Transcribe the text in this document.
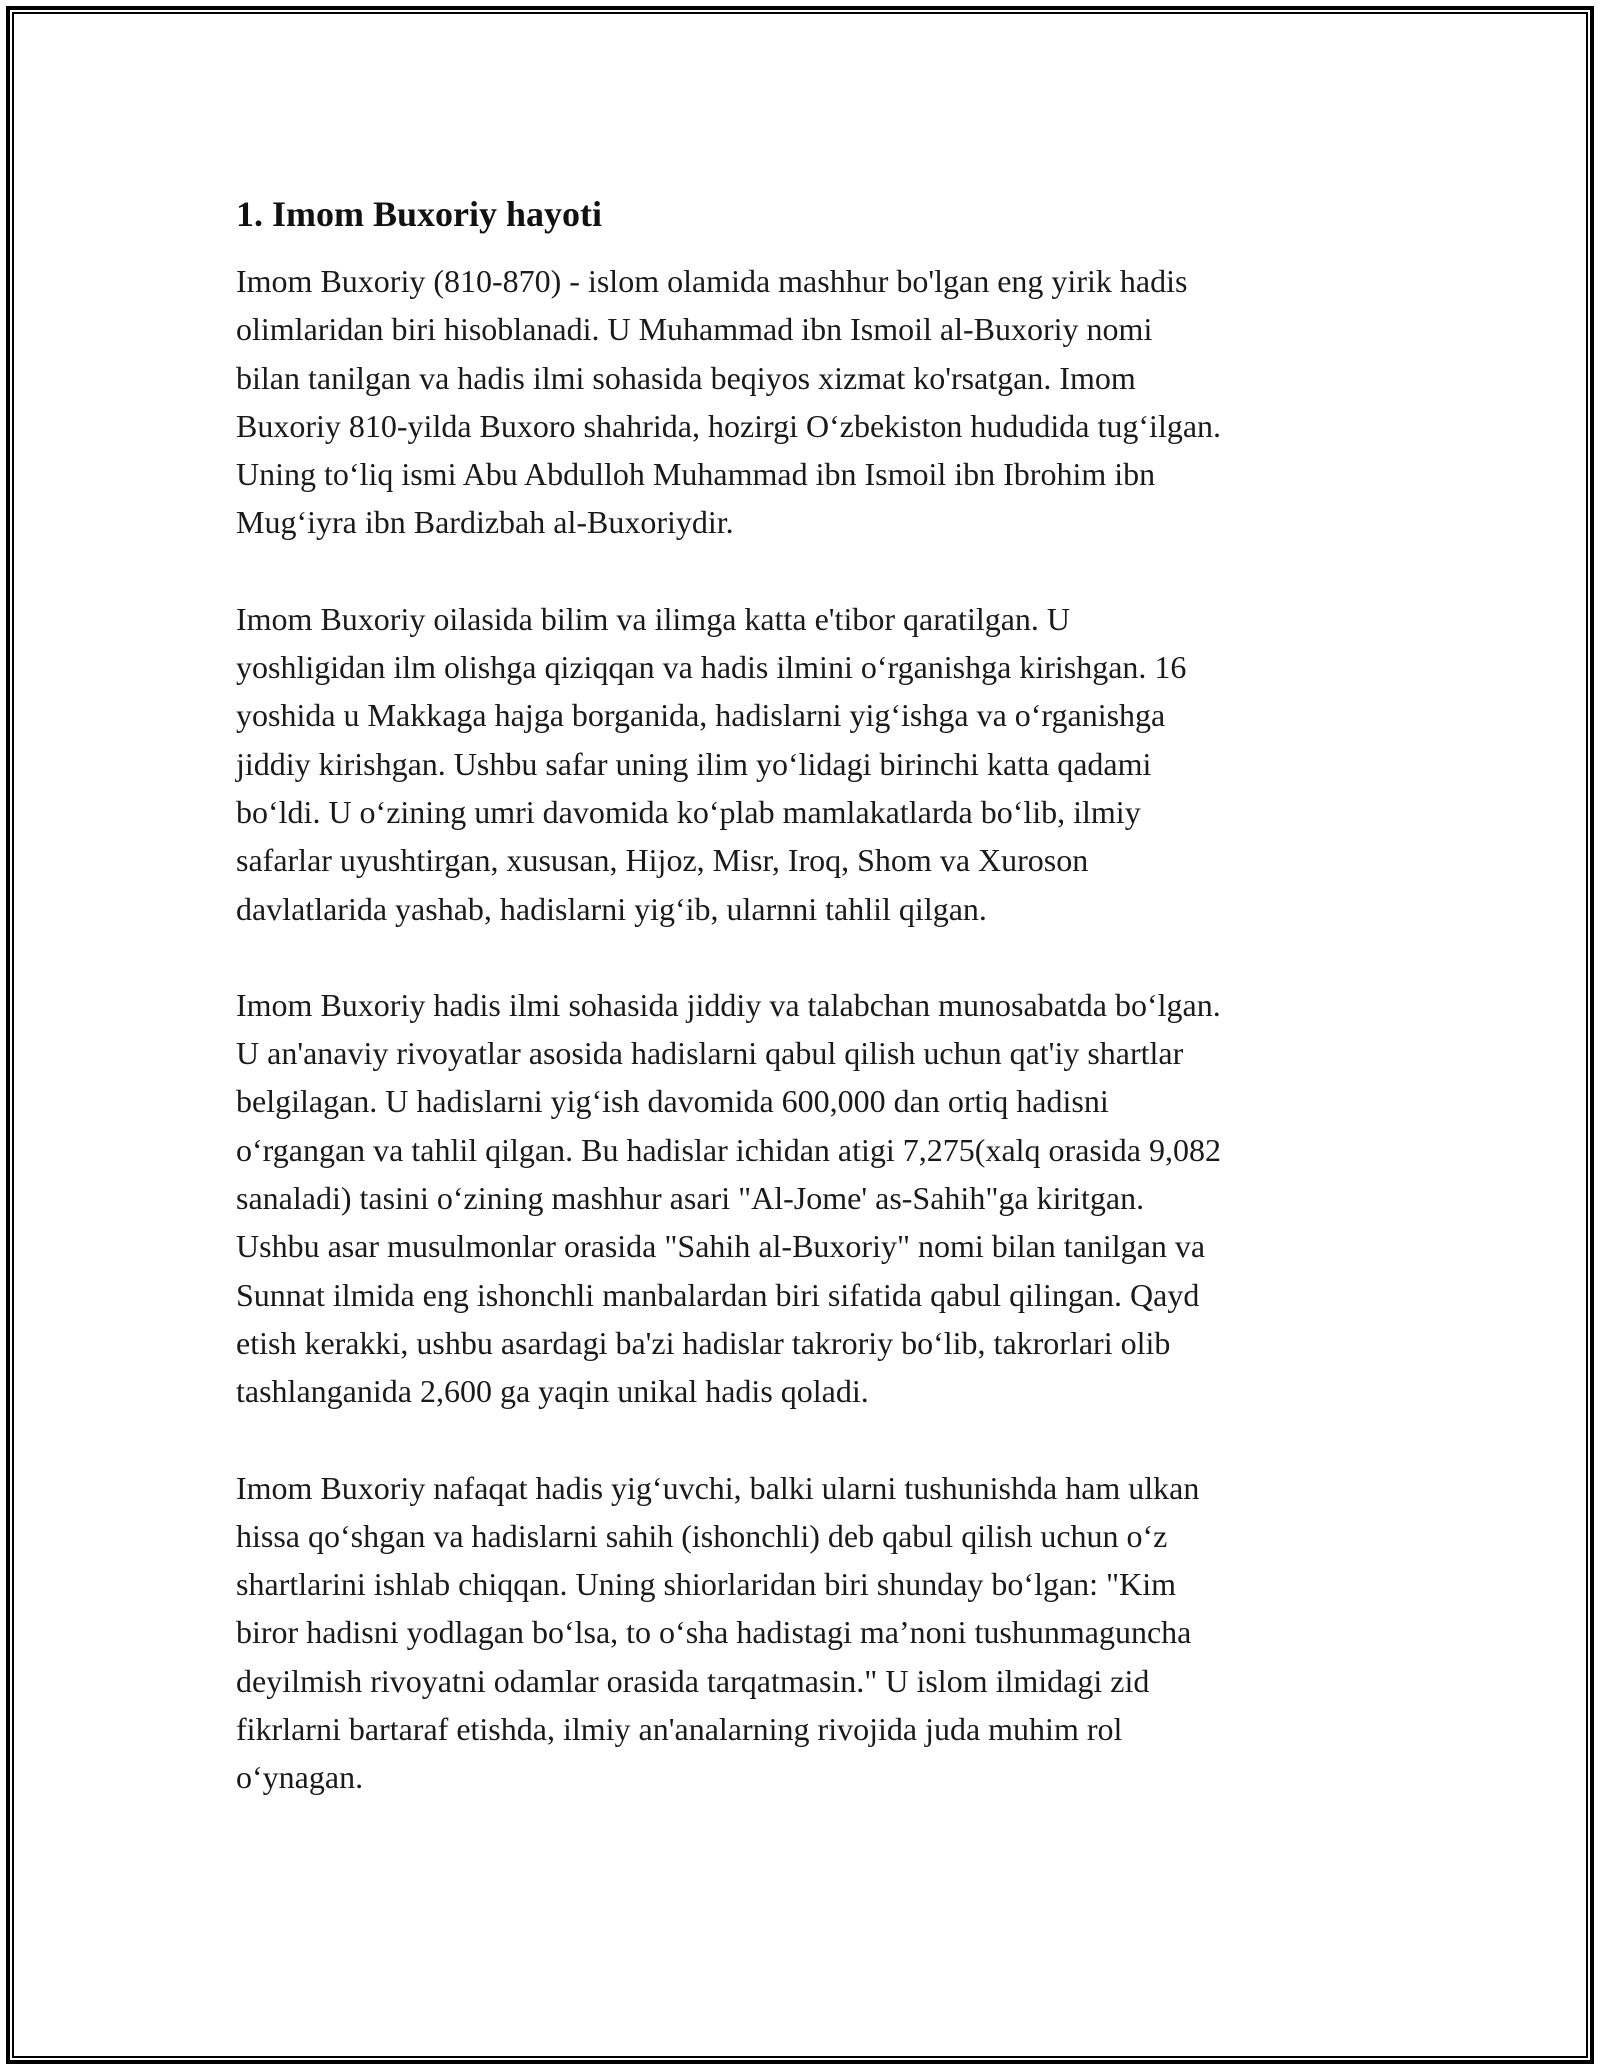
1. Imom Buxoriy hayoti

Imom Buxoriy (810-870) - islom olamida mashhur bo'lgan eng yirik hadis
olimlaridan biri hisoblanadi. U Muhammad ibn Ismoil al-Buxoriy nomi
bilan tanilgan va hadis ilmi sohasida beqiyos xizmat ko'rsatgan. Imom
Buxoriy 810-yilda Buxoro shahrida, hozirgi O‘zbekiston hududida tug‘ilgan.
Uning to‘liq ismi Abu Abdulloh Muhammad ibn Ismoil ibn Ibrohim ibn
Mug‘iyra ibn Bardizbah al-Buxoriydir.

Imom Buxoriy oilasida bilim va ilimga katta e'tibor qaratilgan. U
yoshligidan ilm olishga qiziqqan va hadis ilmini o‘rganishga kirishgan. 16
yoshida u Makkaga hajga borganida, hadislarni yig‘ishga va o‘rganishga
jiddiy kirishgan. Ushbu safar uning ilim yo‘lidagi birinchi katta qadami
bo‘ldi. U o‘zining umri davomida ko‘plab mamlakatlarda bo‘lib, ilmiy
safarlar uyushtirgan, xususan, Hijoz, Misr, Iroq, Shom va Xuroson
davlatlarida yashab, hadislarni yig‘ib, ularnni tahlil qilgan.

Imom Buxoriy hadis ilmi sohasida jiddiy va talabchan munosabatda bo‘lgan.
U an'anaviy rivoyatlar asosida hadislarni qabul qilish uchun qat'iy shartlar
belgilagan. U hadislarni yig‘ish davomida 600,000 dan ortiq hadisni
o‘rgangan va tahlil qilgan. Bu hadislar ichidan atigi 7,275(xalq orasida 9,082
sanaladi) tasini o‘zining mashhur asari "Al-Jome' as-Sahih"ga kiritgan.
Ushbu asar musulmonlar orasida "Sahih al-Buxoriy" nomi bilan tanilgan va
Sunnat ilmida eng ishonchli manbalardan biri sifatida qabul qilingan. Qayd
etish kerakki, ushbu asardagi ba'zi hadislar takroriy bo‘lib, takrorlari olib
tashlanganida 2,600 ga yaqin unikal hadis qoladi.

Imom Buxoriy nafaqat hadis yig‘uvchi, balki ularni tushunishda ham ulkan
hissa qo‘shgan va hadislarni sahih (ishonchli) deb qabul qilish uchun o‘z
shartlarini ishlab chiqqan. Uning shiorlaridan biri shunday bo‘lgan: "Kim
biror hadisni yodlagan bo‘lsa, to o‘sha hadistagi ma’noni tushunmaguncha
deyilmish rivoyatni odamlar orasida tarqatmasin." U islom ilmidagi zid
fikrlarni bartaraf etishda, ilmiy an'analarning rivojida juda muhim rol
o‘ynagan.
